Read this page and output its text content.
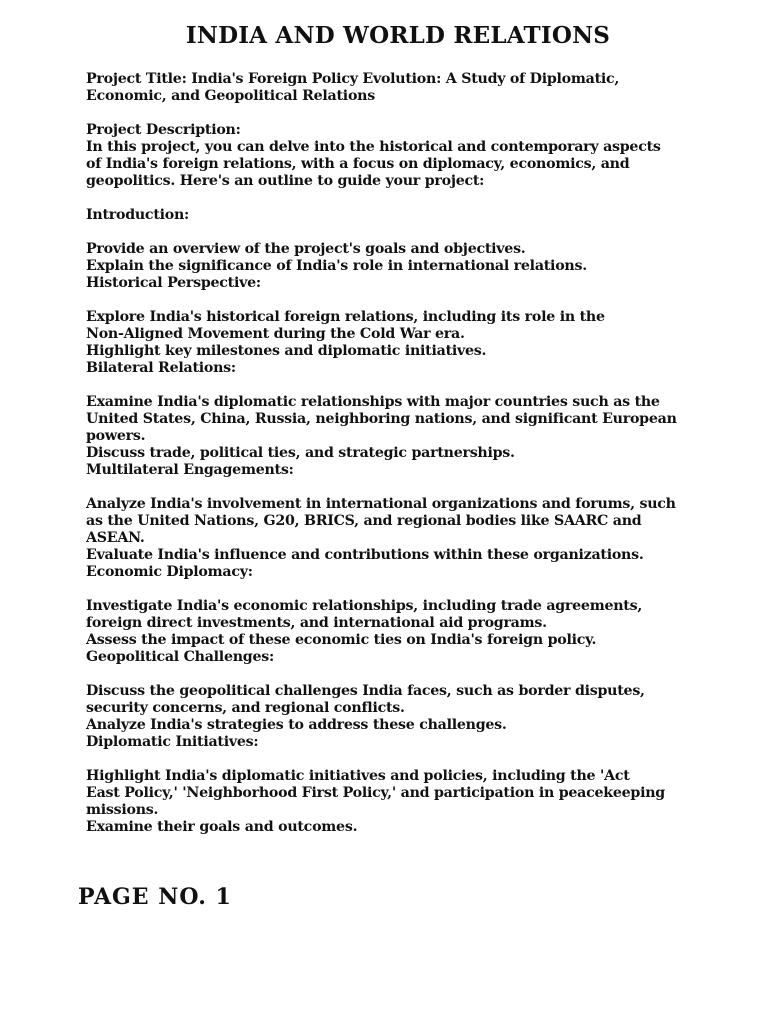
INDIA AND WORLD RELATIONS
Project Title: India's Foreign Policy Evolution: A Study of Diplomatic,
Economic, and Geopolitical Relations
Project Description:
In this project, you can delve into the historical and contemporary aspects
of India's foreign relations, with a focus on diplomacy, economics, and
geopolitics. Here's an outline to guide your project:
Introduction:
Provide an overview of the project's goals and objectives.
Explain the significance of India's role in international relations.
Historical Perspective:
Explore India's historical foreign relations, including its role in the
Non-Aligned Movement during the Cold War era.
Highlight key milestones and diplomatic initiatives.
Bilateral Relations:
Examine India's diplomatic relationships with major countries such as the
United States, China, Russia, neighboring nations, and significant European
powers.
Discuss trade, political ties, and strategic partnerships.
Multilateral Engagements:
Analyze India's involvement in international organizations and forums, such
as the United Nations, G20, BRICS, and regional bodies like SAARC and
ASEAN.
Evaluate India's influence and contributions within these organizations.
Economic Diplomacy:
Investigate India's economic relationships, including trade agreements,
foreign direct investments, and international aid programs.
Assess the impact of these economic ties on India's foreign policy.
Geopolitical Challenges:
Discuss the geopolitical challenges India faces, such as border disputes,
security concerns, and regional conflicts.
Analyze India's strategies to address these challenges.
Diplomatic Initiatives:
Highlight India's diplomatic initiatives and policies, including the 'Act
East Policy,' 'Neighborhood First Policy,' and participation in peacekeeping
missions.
Examine their goals and outcomes.
PAGE NO. 1
